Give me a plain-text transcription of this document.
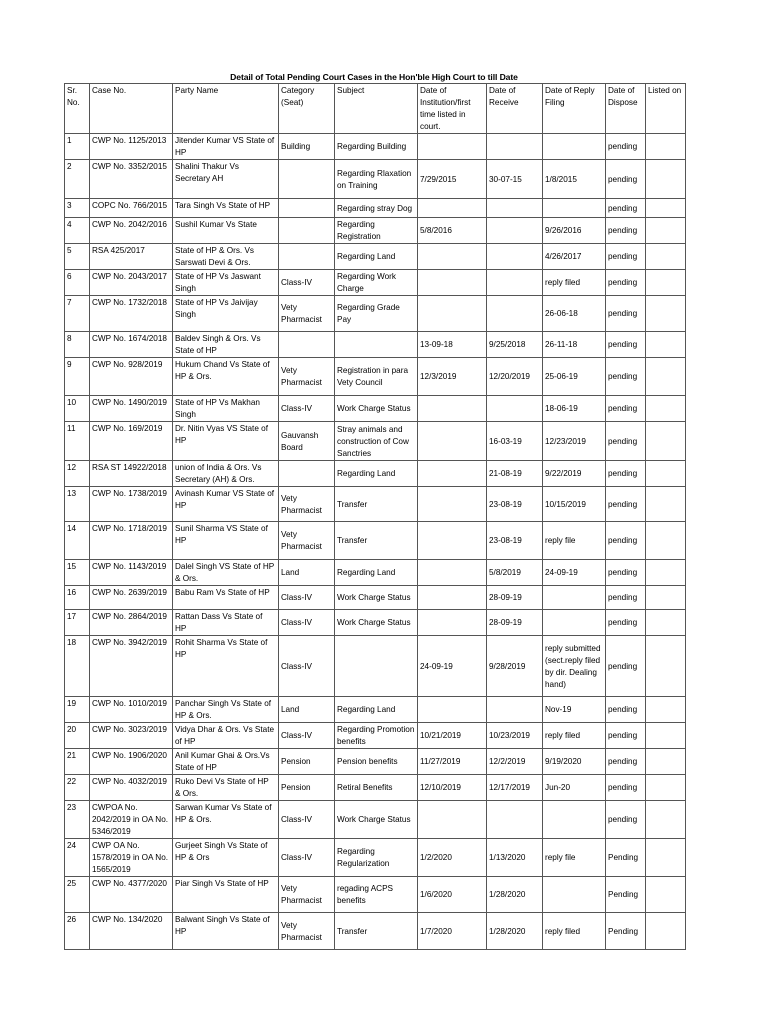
Detail of Total Pending Court Cases in the Hon'ble High Court to till Date
Sr. No.	Case No.	Party Name	Category (Seat)	Subject	Date of Institution/first time listed in court.	Date of Receive	Date of Reply Filing	Date of Dispose	Listed on
1	CWP No. 1125/2013	Jitender Kumar VS State of HP	Building	Regarding Building				pending	
2	CWP No. 3352/2015	Shalini Thakur Vs Secretary AH		Regarding Rlaxation on Training	7/29/2015	30-07-15	1/8/2015	pending	
3	COPC No. 766/2015	Tara Singh Vs State of HP		Regarding stray Dog				pending	
4	CWP No. 2042/2016	Sushil Kumar Vs State		Regarding Registration	5/8/2016		9/26/2016	pending	
5	RSA 425/2017	State of HP & Ors. Vs Sarswati Devi & Ors.		Regarding Land			4/26/2017	pending	
6	CWP No. 2043/2017	State of HP Vs Jaswant Singh	Class-IV	Regarding Work Charge			reply filed	pending	
7	CWP No. 1732/2018	State of HP Vs Jaivijay Singh	Vety Pharmacist	Regarding Grade Pay			26-06-18	pending	
8	CWP No. 1674/2018	Baldev Singh & Ors. Vs State of HP			13-09-18	9/25/2018	26-11-18	pending	
9	CWP No. 928/2019	Hukum Chand Vs State of HP & Ors.	Vety Pharmacist	Registration in para Vety Council	12/3/2019	12/20/2019	25-06-19	pending	
10	CWP No. 1490/2019	State of HP Vs Makhan Singh	Class-IV	Work Charge Status			18-06-19	pending	
11	CWP No. 169/2019	Dr. Nitin Vyas VS State of HP	Gauvansh Board	Stray animals and construction of Cow Sanctries		16-03-19	12/23/2019	pending	
12	RSA ST 14922/2018	union of India & Ors. Vs Secretary (AH) & Ors.		Regarding Land		21-08-19	9/22/2019	pending	
13	CWP No. 1738/2019	Avinash Kumar VS State of HP	Vety Pharmacist	Transfer		23-08-19	10/15/2019	pending	
14	CWP No. 1718/2019	Sunil Sharma VS State of HP	Vety Pharmacist	Transfer		23-08-19	reply file	pending	
15	CWP No. 1143/2019	Dalel Singh VS State of HP & Ors.	Land	Regarding Land		5/8/2019	24-09-19	pending	
16	CWP No. 2639/2019	Babu Ram Vs State of HP	Class-IV	Work Charge Status		28-09-19		pending	
17	CWP No. 2864/2019	Rattan Dass Vs State of HP	Class-IV	Work Charge Status		28-09-19		pending	
18	CWP No. 3942/2019	Rohit Sharma Vs State of HP	Class-IV		24-09-19	9/28/2019	reply submitted (sect.reply filed by dir. Dealing hand)	pending	
19	CWP No. 1010/2019	Panchar Singh Vs State of HP & Ors.	Land	Regarding Land			Nov-19	pending	
20	CWP No. 3023/2019	Vidya Dhar & Ors. Vs State of HP	Class-IV	Regarding Promotion benefits	10/21/2019	10/23/2019	reply filed	pending	
21	CWP No. 1906/2020	Anil Kumar Ghai & Ors.Vs State of HP	Pension	Pension benefits	11/27/2019	12/2/2019	9/19/2020	pending	
22	CWP No. 4032/2019	Ruko Devi Vs State of HP & Ors.	Pension	Retiral Benefits	12/10/2019	12/17/2019	Jun-20	pending	
23	CWPOA No. 2042/2019 in OA No. 5346/2019	Sarwan Kumar Vs State of HP & Ors.	Class-IV	Work Charge Status				pending	
24	CWP OA No. 1578/2019 in OA No. 1565/2019	Gurjeet Singh Vs State of HP & Ors	Class-IV	Regarding Regularization	1/2/2020	1/13/2020	reply file	Pending	
25	CWP No. 4377/2020	Piar Singh Vs State of HP	Vety Pharmacist	regading ACPS benefits	1/6/2020	1/28/2020		Pending	
26	CWP No. 134/2020	Balwant Singh Vs State of HP	Vety Pharmacist	Transfer	1/7/2020	1/28/2020	reply filed	Pending	
